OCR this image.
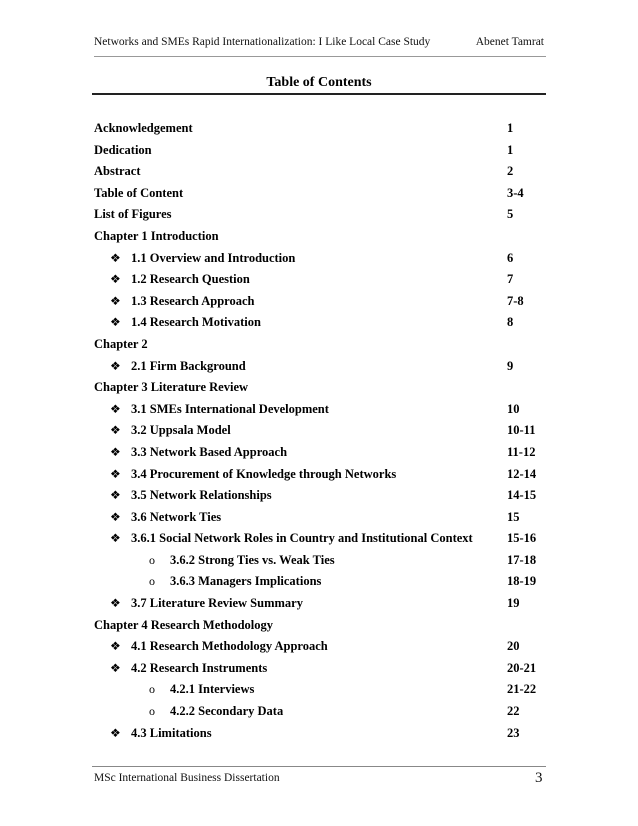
Networks and SMEs Rapid Internationalization: I Like Local Case Study	Abenet Tamrat
Table of Contents
Acknowledgement	1
Dedication	1
Abstract	2
Table of Content	3-4
List of Figures	5
Chapter 1 Introduction
❖ 1.1 Overview and Introduction	6
❖ 1.2 Research Question	7
❖ 1.3 Research Approach	7-8
❖ 1.4 Research Motivation	8
Chapter 2
❖ 2.1 Firm Background	9
Chapter 3 Literature Review
❖ 3.1 SMEs International Development	10
❖ 3.2 Uppsala Model	10-11
❖ 3.3 Network Based Approach	11-12
❖ 3.4 Procurement of Knowledge through Networks	12-14
❖ 3.5 Network Relationships	14-15
❖ 3.6 Network Ties	15
❖ 3.6.1 Social Network Roles in Country and Institutional Context	15-16
o 3.6.2 Strong Ties vs. Weak Ties	17-18
o 3.6.3 Managers Implications	18-19
❖ 3.7 Literature Review Summary	19
Chapter 4 Research Methodology
❖ 4.1 Research Methodology Approach	20
❖ 4.2 Research Instruments	20-21
o 4.2.1 Interviews	21-22
o 4.2.2 Secondary Data	22
❖ 4.3 Limitations	23
MSc International Business Dissertation	3
